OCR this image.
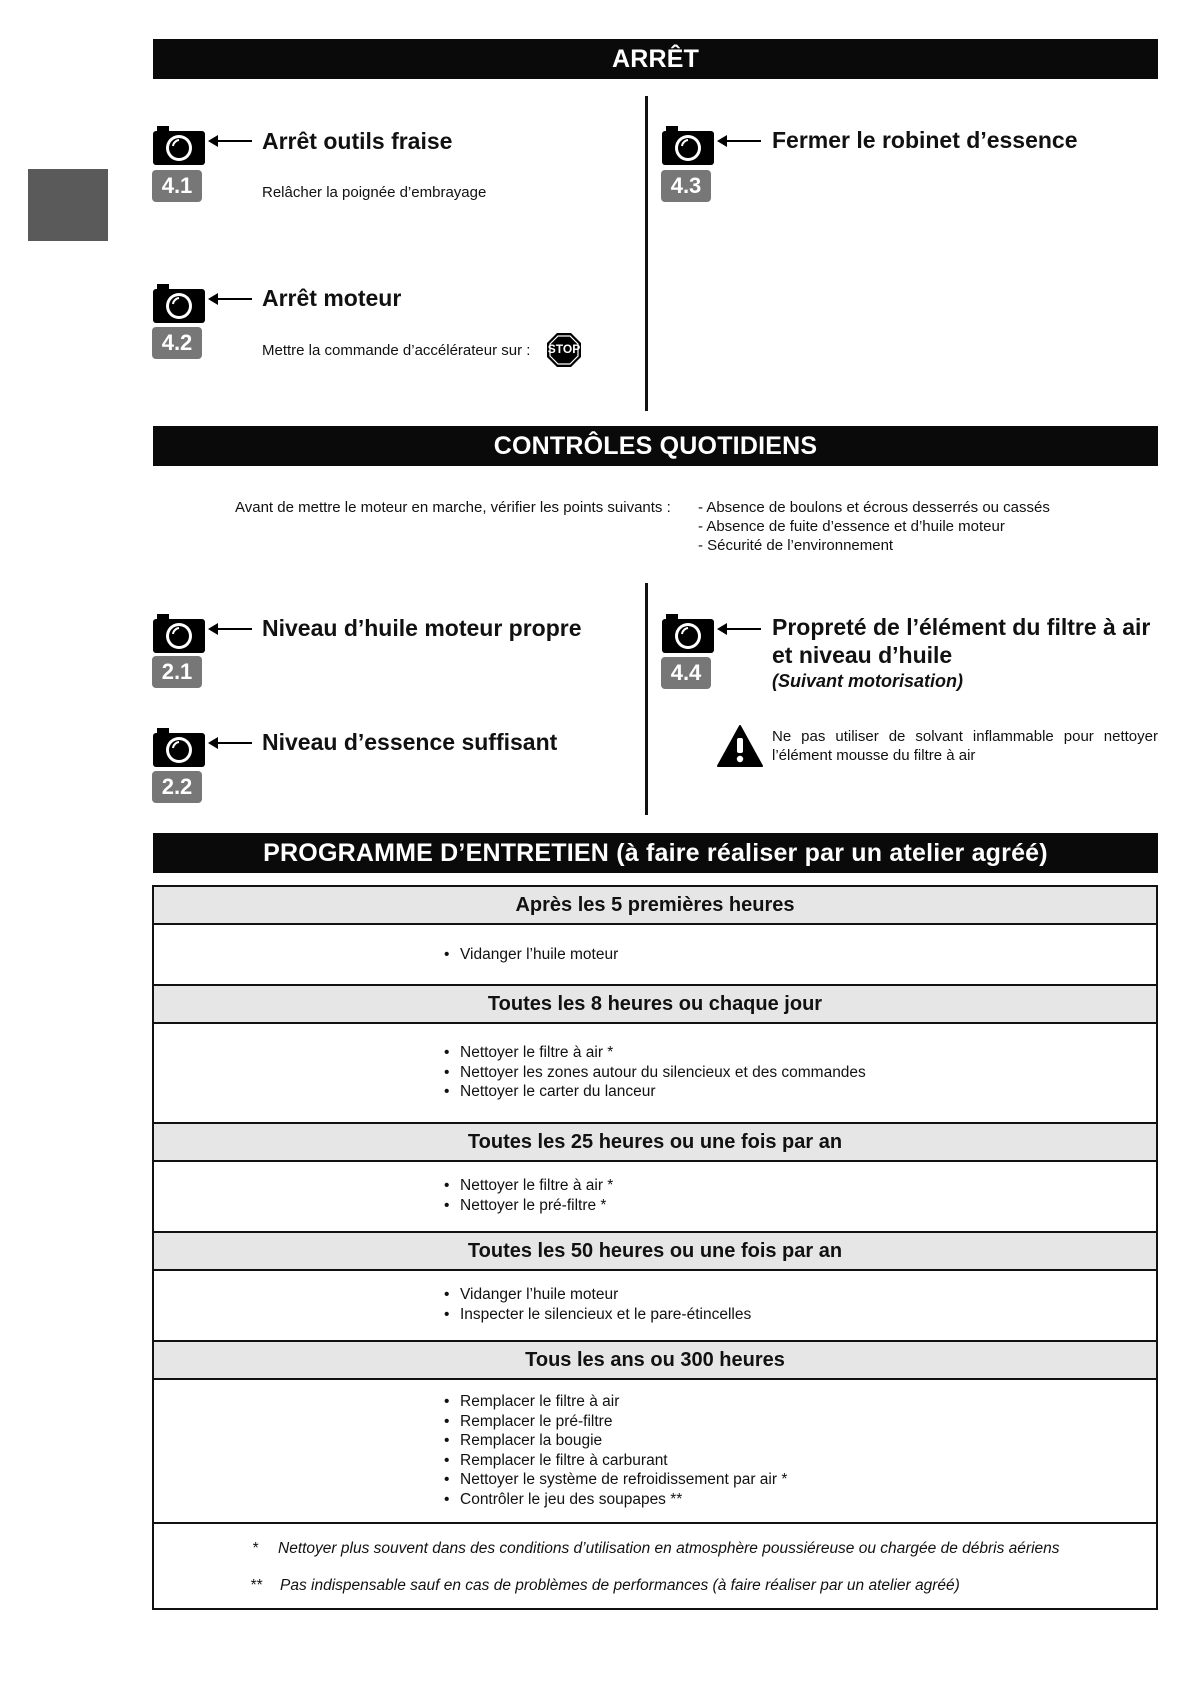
ARRÊT
4.1
Arrêt outils fraise
Relâcher la poignée d’embrayage
4.2
Arrêt moteur
Mettre la commande d’accélérateur sur : STOP
4.3
Fermer le robinet d’essence
CONTRÔLES QUOTIDIENS
Avant de mettre le moteur en marche, vérifier les points suivants : - Absence de boulons et écrous desserrés ou cassés
- Absence de fuite d’essence et d’huile moteur
- Sécurité de l’environnement
2.1
Niveau d’huile moteur propre
2.2
Niveau d’essence suffisant
4.4
Propreté de l’élément du filtre à air
et niveau d’huile
(Suivant motorisation)
Ne pas utiliser de solvant inflammable pour nettoyer l’élément mousse du filtre à air
PROGRAMME D’ENTRETIEN (à faire réaliser par un atelier agréé)
Après les 5 premières heures
• Vidanger l’huile moteur
Toutes les 8 heures ou chaque jour
• Nettoyer le filtre à air *
• Nettoyer les zones autour du silencieux et des commandes
• Nettoyer le carter du lanceur
Toutes les 25 heures ou une fois par an
• Nettoyer le filtre à air *
• Nettoyer le pré-filtre *
Toutes les 50 heures ou une fois par an
• Vidanger l’huile moteur
• Inspecter le silencieux et le pare-étincelles
Tous les ans ou 300 heures
• Remplacer le filtre à air
• Remplacer le pré-filtre
• Remplacer la bougie
• Remplacer le filtre à carburant
• Nettoyer le système de refroidissement par air *
• Contrôler le jeu des soupapes **
* Nettoyer plus souvent dans des conditions d’utilisation en atmosphère poussiéreuse ou chargée de débris aériens
** Pas indispensable sauf en cas de problèmes de performances (à faire réaliser par un atelier agréé)
